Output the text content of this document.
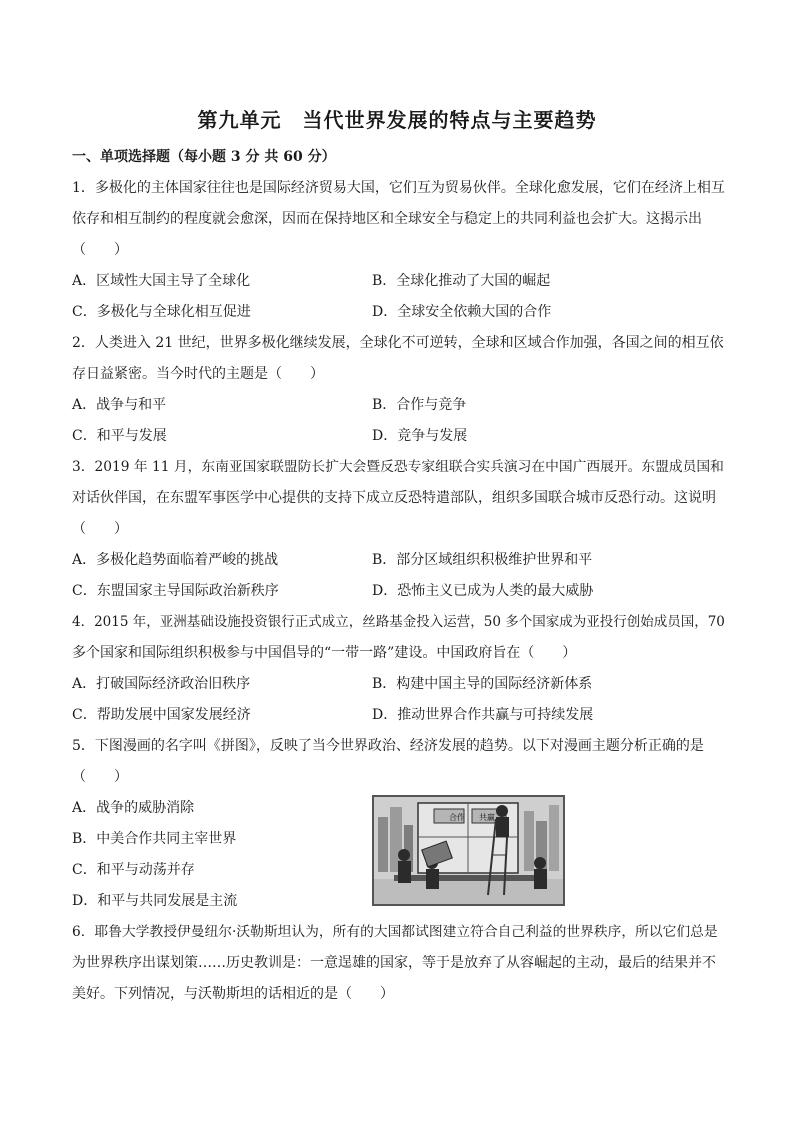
第九单元　当代世界发展的特点与主要趋势
一、单项选择题（每小题 3 分 共 60 分）
1．多极化的主体国家往往也是国际经济贸易大国，它们互为贸易伙伴。全球化愈发展，它们在经济上相互
依存和相互制约的程度就会愈深，因而在保持地区和全球安全与稳定上的共同利益也会扩大。这揭示出
（　　）
A．区域性大国主导了全球化	B．全球化推动了大国的崛起
C．多极化与全球化相互促进	D．全球安全依赖大国的合作
2．人类进入 21 世纪，世界多极化继续发展，全球化不可逆转，全球和区域合作加强，各国之间的相互依
存日益紧密。当今时代的主题是（　　）
A．战争与和平	B．合作与竞争
C．和平与发展	D．竞争与发展
3．2019 年 11 月，东南亚国家联盟防长扩大会暨反恐专家组联合实兵演习在中国广西展开。东盟成员国和
对话伙伴国，在东盟军事医学中心提供的支持下成立反恐特遣部队，组织多国联合城市反恐行动。这说明
（　　）
A．多极化趋势面临着严峻的挑战	B．部分区域组织积极维护世界和平
C．东盟国家主导国际政治新秩序	D．恐怖主义已成为人类的最大威胁
4．2015 年，亚洲基础设施投资银行正式成立，丝路基金投入运营，50 多个国家成为亚投行创始成员国，70
多个国家和国际组织积极参与中国倡导的“一带一路”建设。中国政府旨在（　　）
A．打破国际经济政治旧秩序	B．构建中国主导的国际经济新体系
C．帮助发展中国家发展经济	D．推动世界合作共赢与可持续发展
5．下图漫画的名字叫《拼图》，反映了当今世界政治、经济发展的趋势。以下对漫画主题分析正确的是
（　　）
A．战争的威胁消除
B．中美合作共同主宰世界
C．和平与动荡并存
D．和平与共同发展是主流
合作 共赢
6．耶鲁大学教授伊曼纽尔·沃勒斯坦认为，所有的大国都试图建立符合自己利益的世界秩序，所以它们总是
为世界秩序出谋划策……历史教训是：一意逞雄的国家，等于是放弃了从容崛起的主动，最后的结果并不
美好。下列情况，与沃勒斯坦的话相近的是（　　）
